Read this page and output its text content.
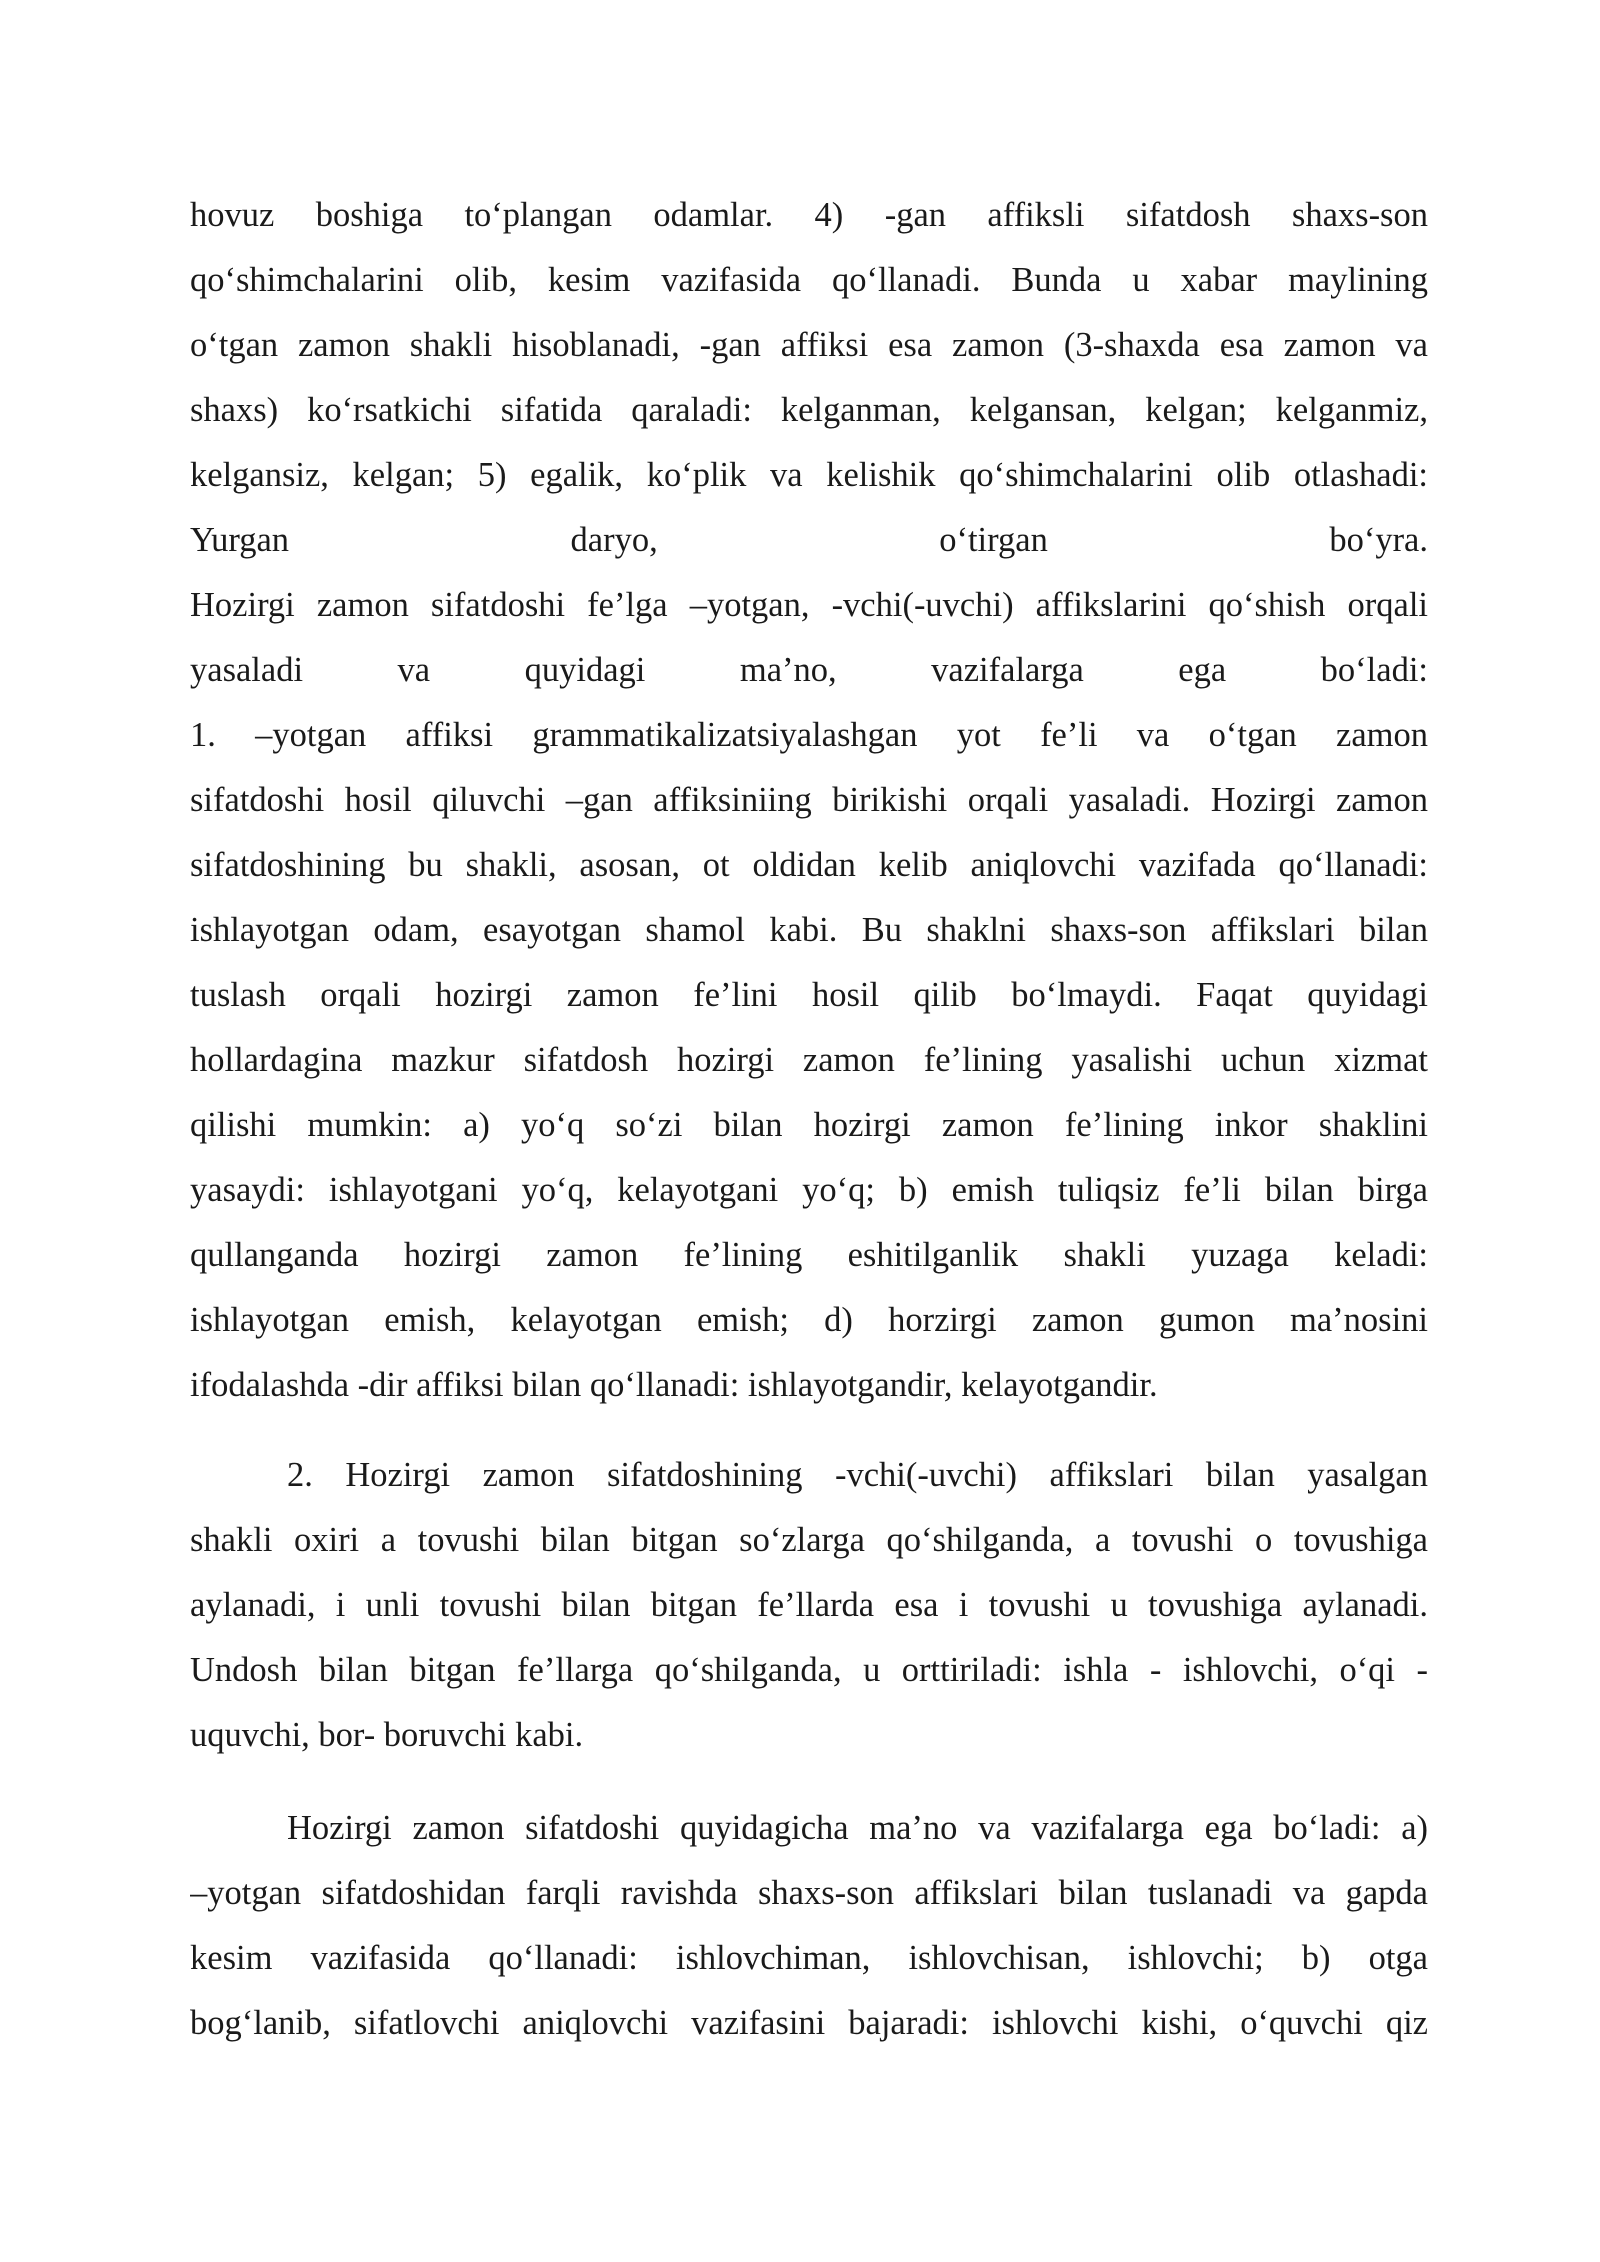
hovuz boshiga to‘plangan odamlar. 4) -gan affiksli sifatdosh shaxs-son
qo‘shimchalarini olib, kesim vazifasida qo‘llanadi. Bunda u xabar maylining
o‘tgan zamon shakli hisoblanadi, -gan affiksi esa zamon (3-shaxda esa zamon va
shaxs) ko‘rsatkichi sifatida qaraladi: kelganman, kelgansan, kelgan; kelganmiz,
kelgansiz, kelgan; 5) egalik, ko‘plik va kelishik qo‘shimchalarini olib otlashadi:
Yurgan daryo, o‘tirgan bo‘yra.
Hozirgi zamon sifatdoshi fe’lga –yotgan, -vchi(-uvchi) affikslarini qo‘shish orqali
yasaladi va quyidagi ma’no, vazifalarga ega bo‘ladi:
1. –yotgan affiksi grammatikalizatsiyalashgan yot fe’li va o‘tgan zamon
sifatdoshi hosil qiluvchi –gan affiksiniing birikishi orqali yasaladi. Hozirgi zamon
sifatdoshining bu shakli, asosan, ot oldidan kelib aniqlovchi vazifada qo‘llanadi:
ishlayotgan odam, esayotgan shamol kabi. Bu shaklni shaxs-son affikslari bilan
tuslash orqali hozirgi zamon fe’lini hosil qilib bo‘lmaydi. Faqat quyidagi
hollardagina mazkur sifatdosh hozirgi zamon fe’lining yasalishi uchun xizmat
qilishi mumkin: a) yo‘q so‘zi bilan hozirgi zamon fe’lining inkor shaklini
yasaydi: ishlayotgani yo‘q, kelayotgani yo‘q; b) emish tuliqsiz fe’li bilan birga
qullanganda hozirgi zamon fe’lining eshitilganlik shakli yuzaga keladi:
ishlayotgan emish, kelayotgan emish; d) horzirgi zamon gumon ma’nosini
ifodalashda -dir affiksi bilan qo‘llanadi: ishlayotgandir, kelayotgandir.
2. Hozirgi zamon sifatdoshining -vchi(-uvchi) affikslari bilan yasalgan
shakli oxiri a tovushi bilan bitgan so‘zlarga qo‘shilganda, a tovushi o tovushiga
aylanadi, i unli tovushi bilan bitgan fe’llarda esa i tovushi u tovushiga aylanadi.
Undosh bilan bitgan fe’llarga qo‘shilganda, u orttiriladi: ishla - ishlovchi, o‘qi -
uquvchi, bor- boruvchi kabi.
Hozirgi zamon sifatdoshi quyidagicha ma’no va vazifalarga ega bo‘ladi: a)
–yotgan sifatdoshidan farqli ravishda shaxs-son affikslari bilan tuslanadi va gapda
kesim vazifasida qo‘llanadi: ishlovchiman, ishlovchisan, ishlovchi; b) otga
bog‘lanib, sifatlovchi aniqlovchi vazifasini bajaradi: ishlovchi kishi, o‘quvchi qiz
